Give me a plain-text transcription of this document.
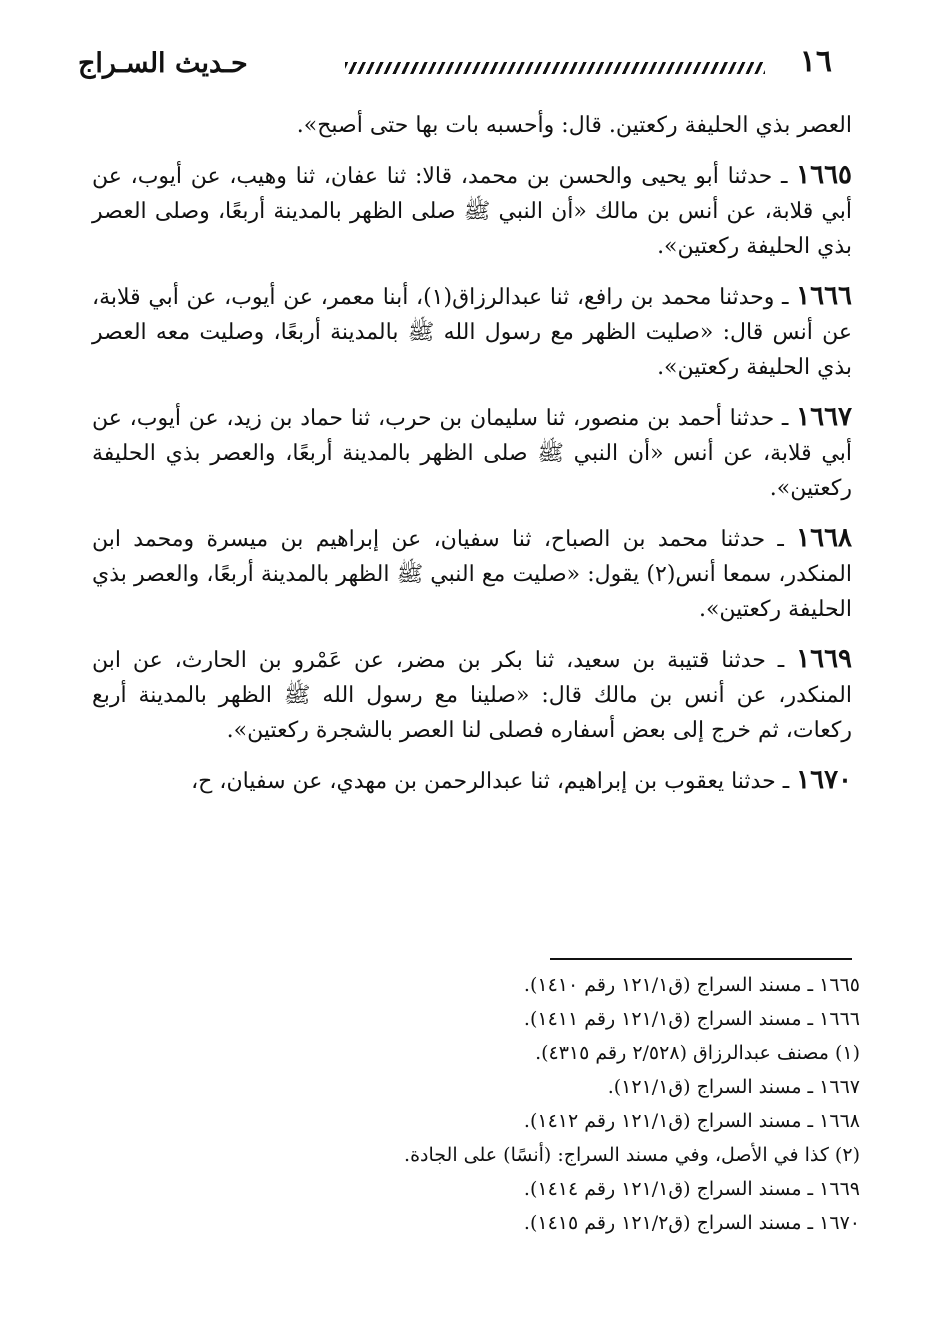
١٦
حـديث السـراج

العصر بذي الحليفة ركعتين. قال: وأحسبه بات بها حتى أصبح».

١٦٦٥ ـ حدثنا أبو يحيى والحسن بن محمد، قالا: ثنا عفان، ثنا وهيب، عن أيوب، عن أبي قلابة، عن أنس بن مالك «أن النبي ﷺ صلى الظهر بالمدينة أربعًا، وصلى العصر بذي الحليفة ركعتين».

١٦٦٦ ـ وحدثنا محمد بن رافع، ثنا عبدالرزاق(١)، أبنا معمر، عن أيوب، عن أبي قلابة، عن أنس قال: «صليت الظهر مع رسول الله ﷺ بالمدينة أربعًا، وصليت معه العصر بذي الحليفة ركعتين».

١٦٦٧ ـ حدثنا أحمد بن منصور، ثنا سليمان بن حرب، ثنا حماد بن زيد، عن أيوب، عن أبي قلابة، عن أنس «أن النبي ﷺ صلى الظهر بالمدينة أربعًا، والعصر بذي الحليفة ركعتين».

١٦٦٨ ـ حدثنا محمد بن الصباح، ثنا سفيان، عن إبراهيم بن ميسرة ومحمد ابن المنكدر، سمعا أنس(٢) يقول: «صليت مع النبي ﷺ الظهر بالمدينة أربعًا، والعصر بذي الحليفة ركعتين».

١٦٦٩ ـ حدثنا قتيبة بن سعيد، ثنا بكر بن مضر، عن عَمْرو بن الحارث، عن ابن المنكدر، عن أنس بن مالك قال: «صلينا مع رسول الله ﷺ الظهر بالمدينة أربع ركعات، ثم خرج إلى بعض أسفاره فصلى لنا العصر بالشجرة ركعتين».

١٦٧٠ ـ حدثنا يعقوب بن إبراهيم، ثنا عبدالرحمن بن مهدي، عن سفيان، ح،

١٦٦٥ ـ مسند السراج (ق١٢١/١ رقم ١٤١٠).
١٦٦٦ ـ مسند السراج (ق١٢١/١ رقم ١٤١١).
(١) مصنف عبدالرزاق (٢/٥٢٨ رقم ٤٣١٥).
١٦٦٧ ـ مسند السراج (ق١٢١/١).
١٦٦٨ ـ مسند السراج (ق١٢١/١ رقم ١٤١٢).
(٢) كذا في الأصل، وفي مسند السراج: (أنسًا) على الجادة.
١٦٦٩ ـ مسند السراج (ق١٢١/١ رقم ١٤١٤).
١٦٧٠ ـ مسند السراج (ق١٢١/٢ رقم ١٤١٥).
